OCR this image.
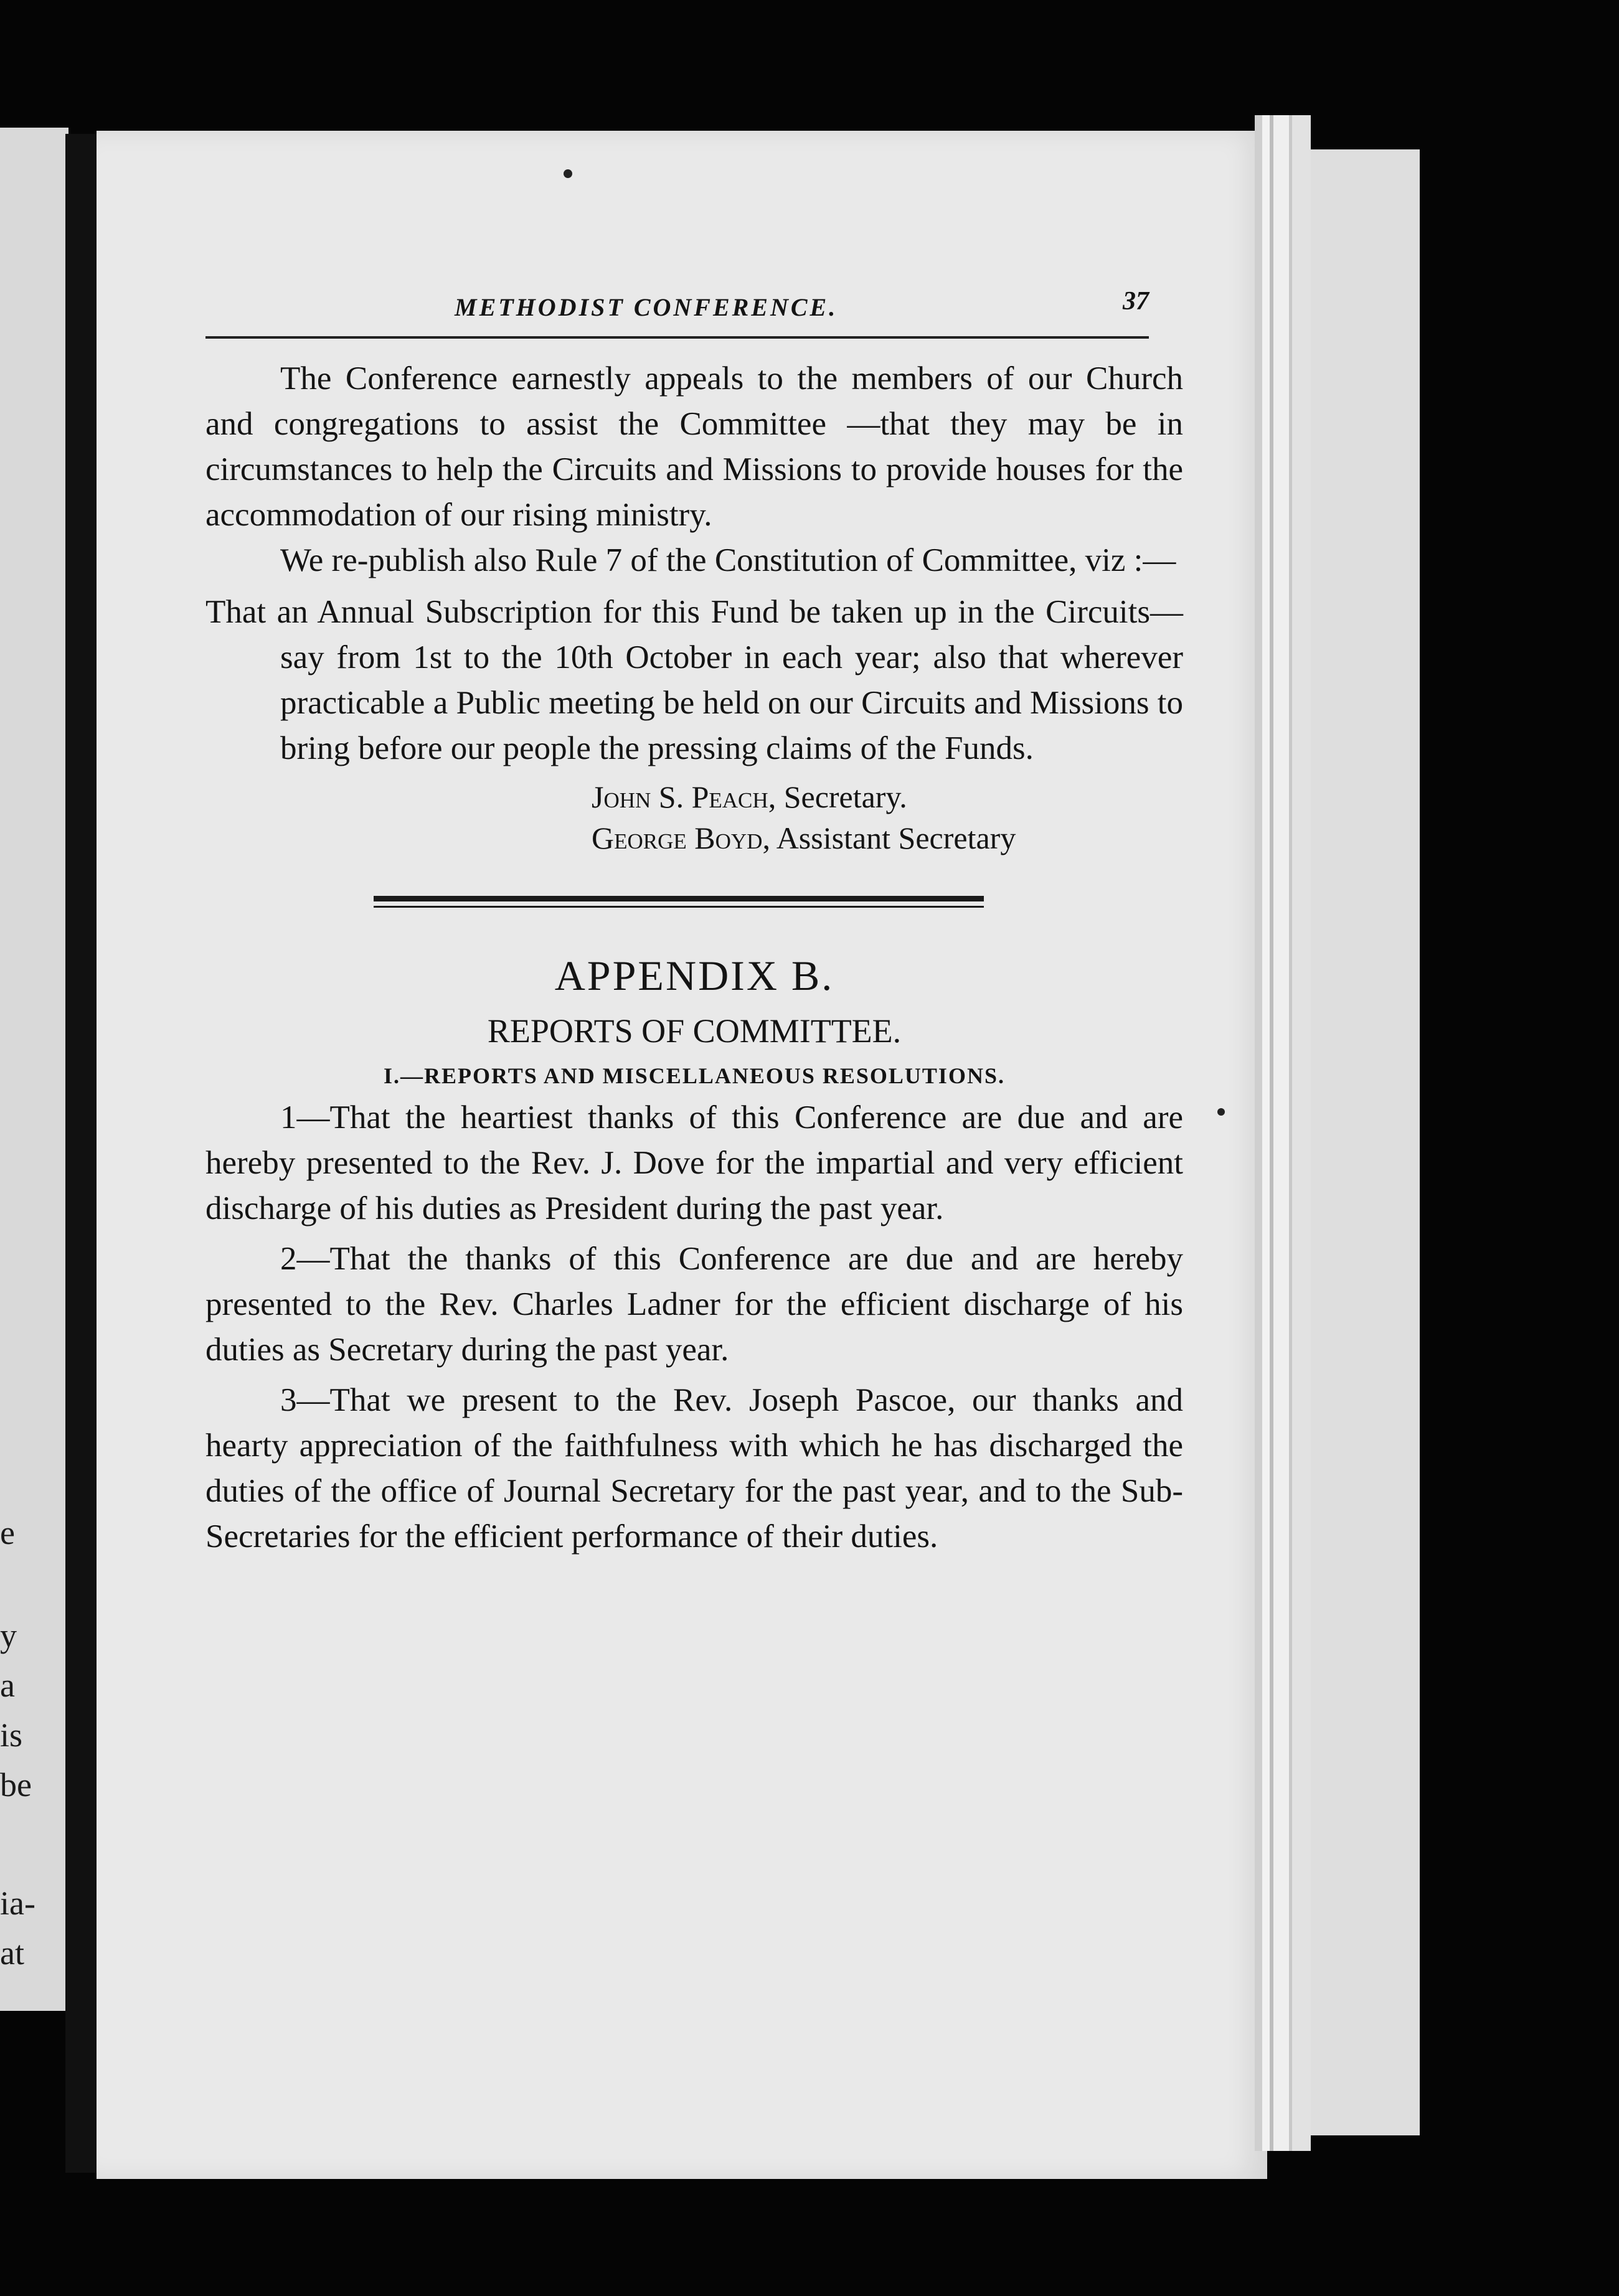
e
y
a
is
be
ia-
at
METHODIST CONFERENCE.	37

The Conference earnestly appeals to the members of our Church and congregations to assist the Committee —that they may be in circumstances to help the Circuits and Missions to provide houses for the accommodation of our rising ministry.

We re-publish also Rule 7 of the Constitution of Committee, viz :—

That an Annual Subscription for this Fund be taken up in the Circuits—say from 1st to the 10th October in each year; also that wherever practicable a Public meeting be held on our Circuits and Missions to bring before our people the pressing claims of the Funds.

John S. Peach, Secretary.
George Boyd, Assistant Secretary
APPENDIX B.
REPORTS OF COMMITTEE.
I.—REPORTS AND MISCELLANEOUS RESOLUTIONS.

1—That the heartiest thanks of this Conference are due and are hereby presented to the Rev. J. Dove for the impartial and very efficient discharge of his duties as President during the past year.

2—That the thanks of this Conference are due and are hereby presented to the Rev. Charles Ladner for the efficient discharge of his duties as Secretary during the past year.

3—That we present to the Rev. Joseph Pascoe, our thanks and hearty appreciation of the faithfulness with which he has discharged the duties of the office of Journal Secretary for the past year, and to the Sub-Secretaries for the efficient performance of their duties.
